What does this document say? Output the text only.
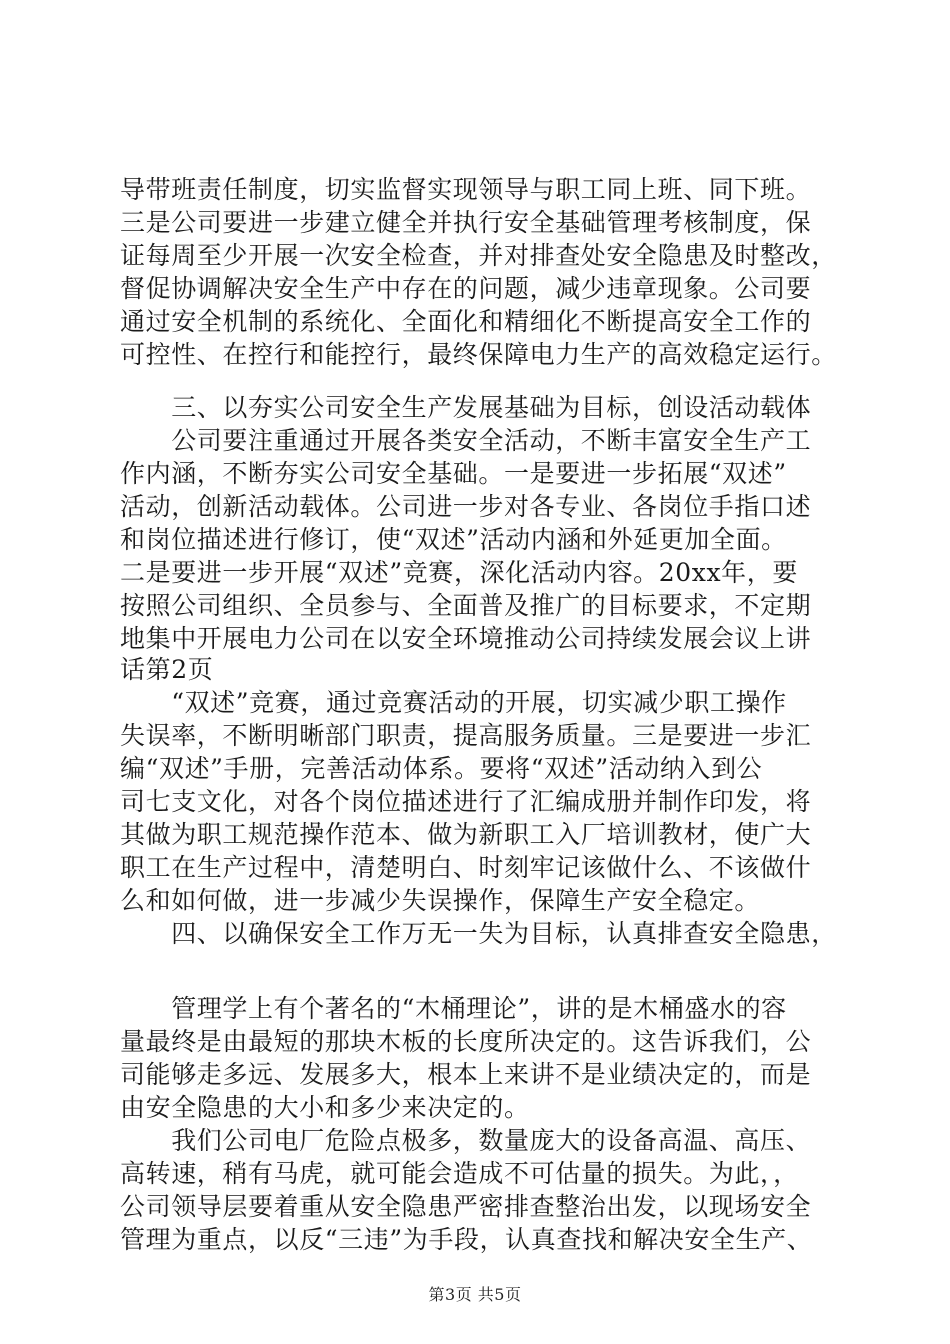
导带班责任制度，切实监督实现领导与职工同上班、同下班。
三是公司要进一步建立健全并执行安全基础管理考核制度，保
证每周至少开展一次安全检查，并对排查处安全隐患及时整改，
督促协调解决安全生产中存在的问题，减少违章现象。公司要
通过安全机制的系统化、全面化和精细化不断提高安全工作的
可控性、在控行和能控行，最终保障电力生产的高效稳定运行。
　　三、以夯实公司安全生产发展基础为目标，创设活动载体
　　公司要注重通过开展各类安全活动，不断丰富安全生产工
作内涵，不断夯实公司安全基础。一是要进一步拓展“双述”
活动，创新活动载体。公司进一步对各专业、各岗位手指口述
和岗位描述进行修订，使“双述”活动内涵和外延更加全面。
二是要进一步开展“双述”竞赛，深化活动内容。20xx年，要
按照公司组织、全员参与、全面普及推广的目标要求，不定期
地集中开展电力公司在以安全环境推动公司持续发展会议上讲
话第2页
　　“双述”竞赛，通过竞赛活动的开展，切实减少职工操作
失误率，不断明晰部门职责，提高服务质量。三是要进一步汇
编“双述”手册，完善活动体系。要将“双述”活动纳入到公
司七支文化，对各个岗位描述进行了汇编成册并制作印发，将
其做为职工规范操作范本、做为新职工入厂培训教材，使广大
职工在生产过程中，清楚明白、时刻牢记该做什么、不该做什
么和如何做，进一步减少失误操作，保障生产安全稳定。
　　四、以确保安全工作万无一失为目标，认真排查安全隐患，
　　管理学上有个著名的“木桶理论”，讲的是木桶盛水的容
量最终是由最短的那块木板的长度所决定的。这告诉我们，公
司能够走多远、发展多大，根本上来讲不是业绩决定的，而是
由安全隐患的大小和多少来决定的。
　　我们公司电厂危险点极多，数量庞大的设备高温、高压、
高转速，稍有马虎，就可能会造成不可估量的损失。为此，，
公司领导层要着重从安全隐患严密排查整治出发，以现场安全
管理为重点，以反“三违”为手段，认真查找和解决安全生产、
第3页 共5页
